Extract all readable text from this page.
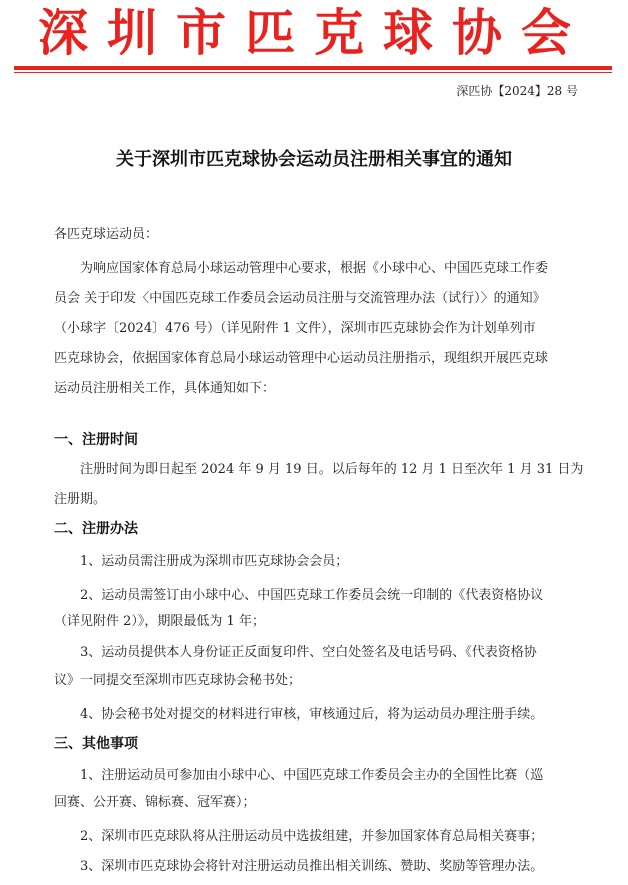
深圳市匹克球协会
深匹协【2024】28 号
关于深圳市匹克球协会运动员注册相关事宜的通知
各匹克球运动员：
为响应国家体育总局小球运动管理中心要求，根据《小球中心、中国匹克球工作委
员会 关于印发〈中国匹克球工作委员会运动员注册与交流管理办法（试行）〉的通知》
（小球字〔2024〕476 号）（详见附件 1 文件），深圳市匹克球协会作为计划单列市
匹克球协会，依据国家体育总局小球运动管理中心运动员注册指示，现组织开展匹克球
运动员注册相关工作，具体通知如下：
一、注册时间
注册时间为即日起至 2024 年 9 月 19 日。以后每年的 12 月 1 日至次年 1 月 31 日为
注册期。
二、注册办法
1、运动员需注册成为深圳市匹克球协会会员；
2、运动员需签订由小球中心、中国匹克球工作委员会统一印制的《代表资格协议
（详见附件 2）》，期限最低为 1 年；
3、运动员提供本人身份证正反面复印件、空白处签名及电话号码、《代表资格协
议》一同提交至深圳市匹克球协会秘书处；
4、协会秘书处对提交的材料进行审核，审核通过后，将为运动员办理注册手续。
三、其他事项
1、注册运动员可参加由小球中心、中国匹克球工作委员会主办的全国性比赛（巡
回赛、公开赛、锦标赛、冠军赛）；
2、深圳市匹克球队将从注册运动员中选拔组建，并参加国家体育总局相关赛事；
3、深圳市匹克球协会将针对注册运动员推出相关训练、赞助、奖励等管理办法。
